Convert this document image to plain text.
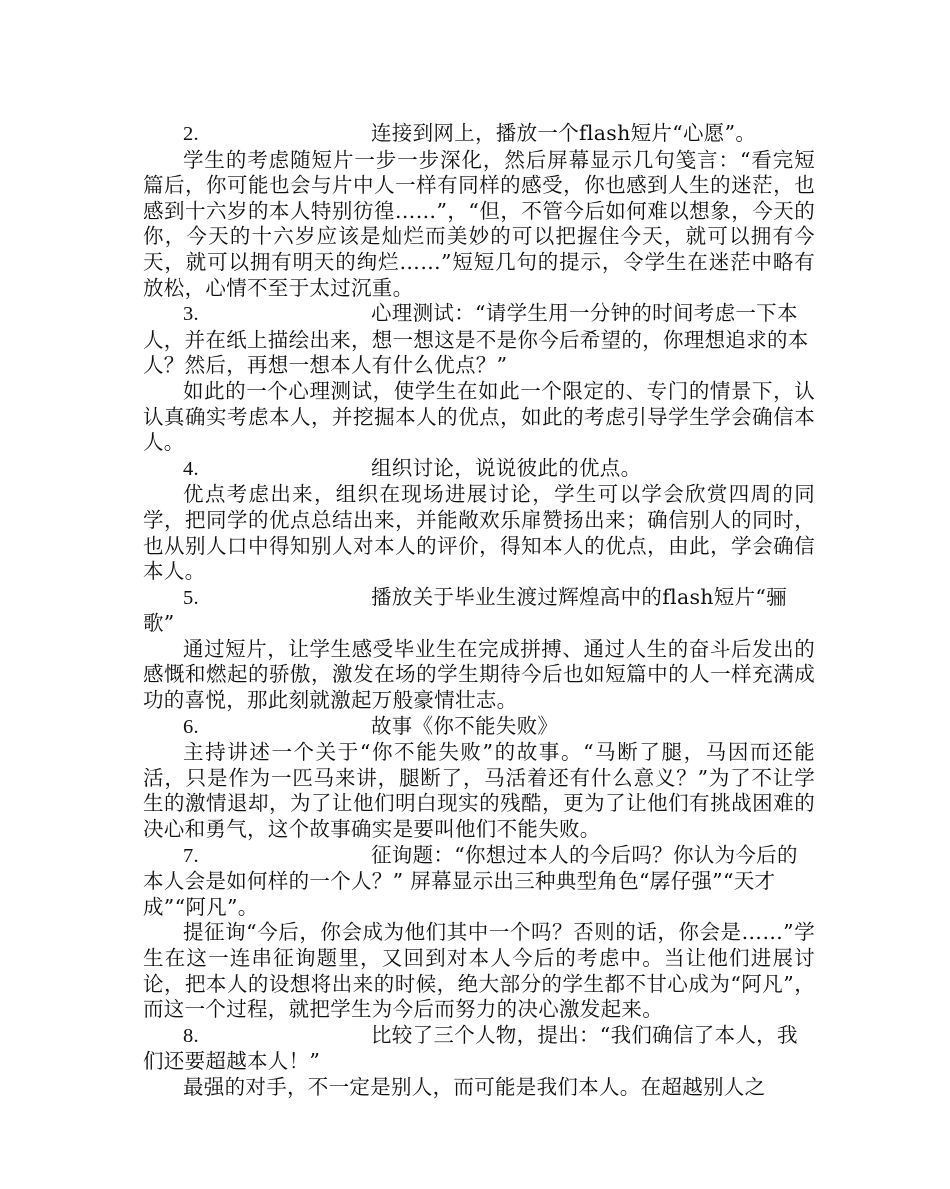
2.	连接到网上，播放一个flash短片“心愿”。

学生的考虑随短片一步一步深化，然后屏幕显示几句笺言：“看完短篇后，你可能也会与片中人一样有同样的感受，你也感到人生的迷茫，也感到十六岁的本人特别彷徨……”，“但，不管今后如何难以想象，今天的你，今天的十六岁应该是灿烂而美妙的可以把握住今天，就可以拥有今天，就可以拥有明天的绚烂……”短短几句的提示，令学生在迷茫中略有放松，心情不至于太过沉重。

3.	心理测试：“请学生用一分钟的时间考虑一下本人，并在纸上描绘出来，想一想这是不是你今后希望的，你理想追求的本人？然后，再想一想本人有什么优点？”

如此的一个心理测试，使学生在如此一个限定的、专门的情景下，认认真确实考虑本人，并挖掘本人的优点，如此的考虑引导学生学会确信本人。

4.	组织讨论，说说彼此的优点。

优点考虑出来，组织在现场进展讨论，学生可以学会欣赏四周的同学，把同学的优点总结出来，并能敞欢乐扉赞扬出来；确信别人的同时，也从别人口中得知别人对本人的评价，得知本人的优点，由此，学会确信本人。

5.	播放关于毕业生渡过辉煌高中的flash短片“骊歌”

通过短片，让学生感受毕业生在完成拼搏、通过人生的奋斗后发出的感慨和燃起的骄傲，激发在场的学生期待今后也如短篇中的人一样充满成功的喜悦，那此刻就激起万般豪情壮志。

6.	故事《你不能失败》

主持讲述一个关于“你不能失败”的故事。“马断了腿，马因而还能活，只是作为一匹马来讲，腿断了，马活着还有什么意义？”为了不让学生的激情退却，为了让他们明白现实的残酷，更为了让他们有挑战困难的决心和勇气，这个故事确实是要叫他们不能失败。

7.	征询题：“你想过本人的今后吗？你认为今后的本人会是如何样的一个人？” 屏幕显示出三种典型角色“孱仔强”“天才成”“阿凡”。

提征询“今后，你会成为他们其中一个吗？否则的话，你会是……”学生在这一连串征询题里，又回到对本人今后的考虑中。当让他们进展讨论，把本人的设想将出来的时候，绝大部分的学生都不甘心成为“阿凡”，而这一个过程，就把学生为今后而努力的决心激发起来。

8.	比较了三个人物，提出：“我们确信了本人，我们还要超越本人！”

最强的对手，不一定是别人，而可能是我们本人。在超越别人之
